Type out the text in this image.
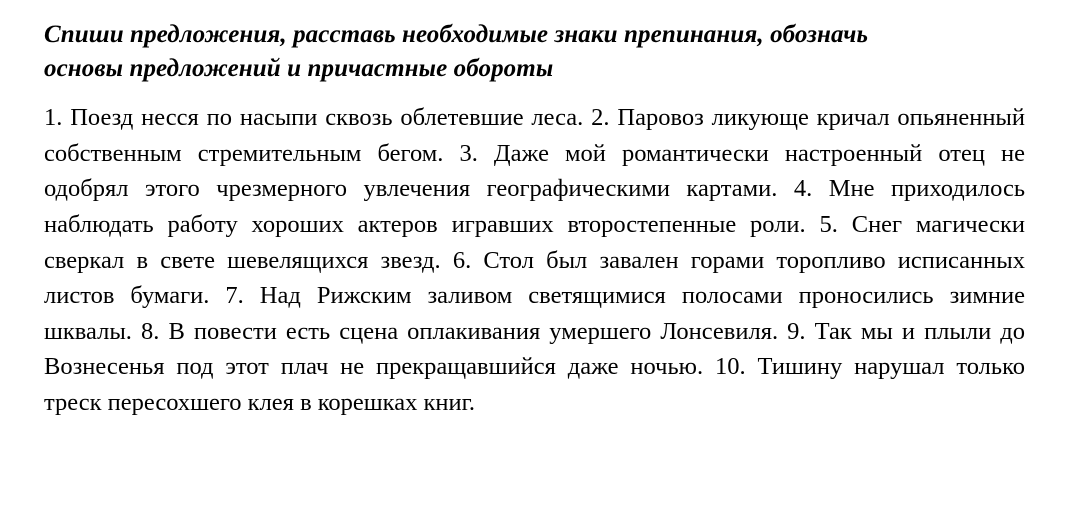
Спиши предложения, расставь необходимые знаки препинания, обозначь
основы предложений и причастные обороты

1. Поезд несся по насыпи сквозь облетевшие леса. 2. Паровоз ликующе кричал опьяненный собственным стремительным бегом. 3. Даже мой романтически настроенный отец не одобрял этого чрезмерного увлечения географическими картами. 4. Мне приходилось наблюдать работу хороших актеров игравших второстепенные роли. 5. Снег магически сверкал в свете шевелящихся звезд. 6. Стол был завален горами торопливо исписанных листов бумаги. 7. Над Рижским заливом светящимися полосами проносились зимние шквалы. 8. В повести есть сцена оплакивания умершего Лонсевиля. 9. Так мы и плыли до Вознесенья под этот плач не прекращавшийся даже ночью. 10. Тишину нарушал только треск пересохшего клея в корешках книг.
